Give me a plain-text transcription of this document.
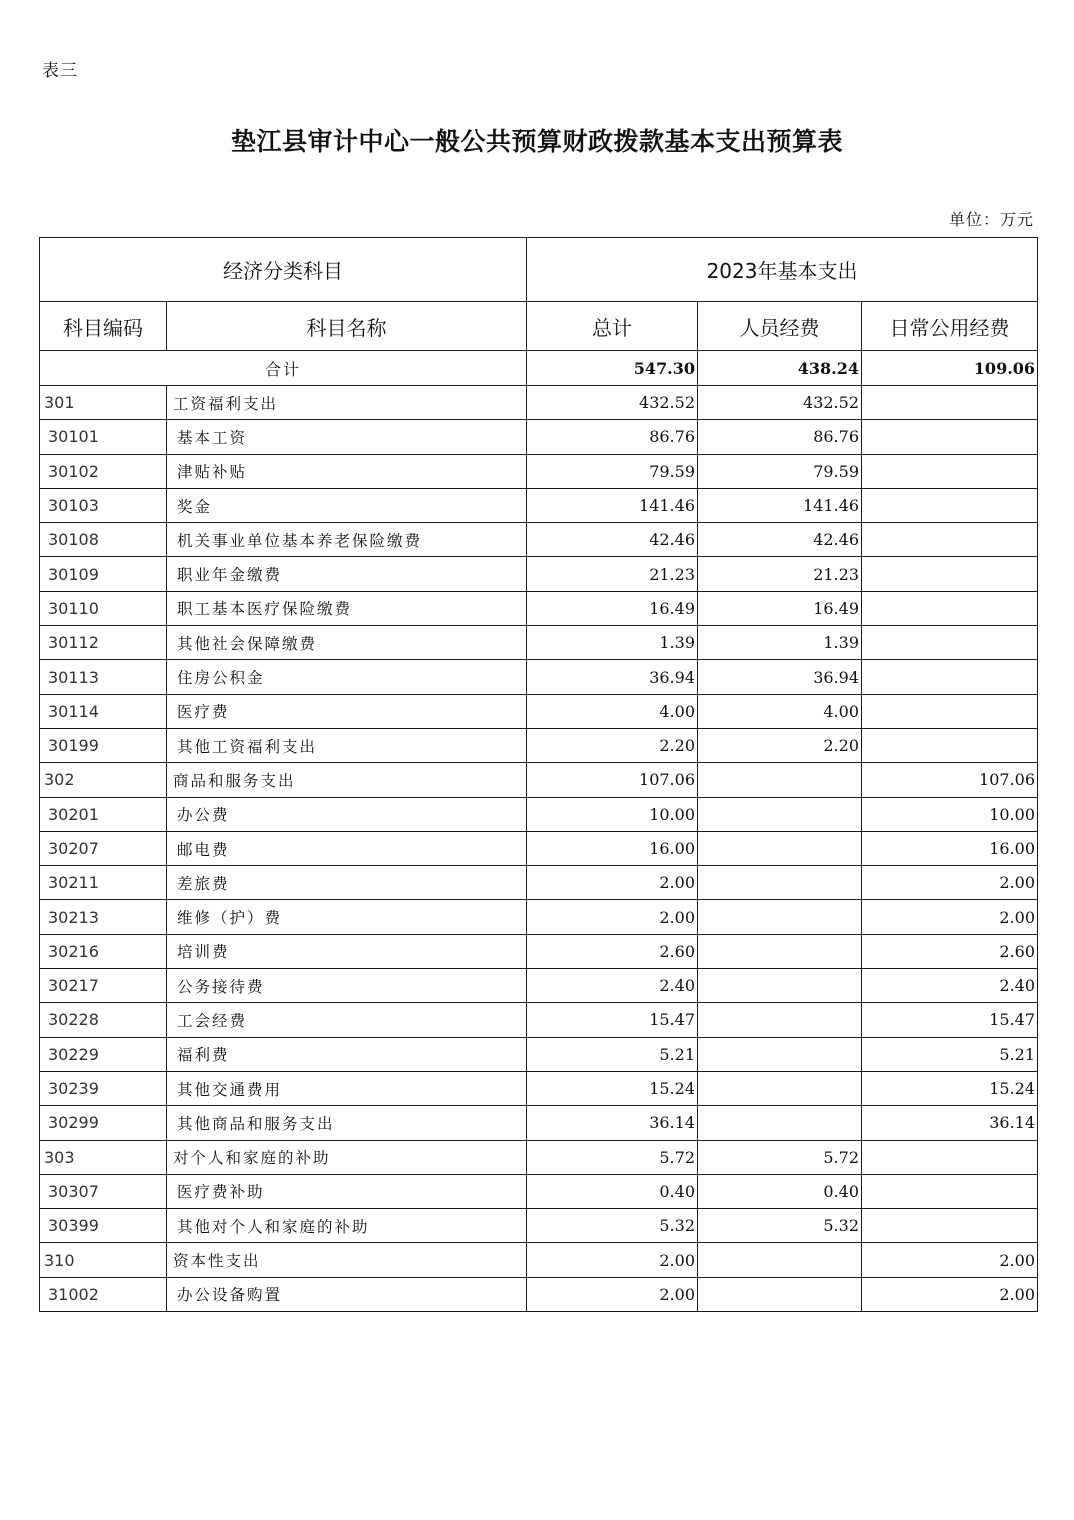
表三
垫江县审计中心一般公共预算财政拨款基本支出预算表
单位：万元
经济分类科目		2023年基本支出		
科目编码	科目名称	总计	人员经费	日常公用经费
合计		547.30	438.24	109.06
301	工资福利支出	432.52	432.52	
30101	基本工资	86.76	86.76	
30102	津贴补贴	79.59	79.59	
30103	奖金	141.46	141.46	
30108	机关事业单位基本养老保险缴费	42.46	42.46	
30109	职业年金缴费	21.23	21.23	
30110	职工基本医疗保险缴费	16.49	16.49	
30112	其他社会保障缴费	1.39	1.39	
30113	住房公积金	36.94	36.94	
30114	医疗费	4.00	4.00	
30199	其他工资福利支出	2.20	2.20	
302	商品和服务支出	107.06		107.06
30201	办公费	10.00		10.00
30207	邮电费	16.00		16.00
30211	差旅费	2.00		2.00
30213	维修（护）费	2.00		2.00
30216	培训费	2.60		2.60
30217	公务接待费	2.40		2.40
30228	工会经费	15.47		15.47
30229	福利费	5.21		5.21
30239	其他交通费用	15.24		15.24
30299	其他商品和服务支出	36.14		36.14
303	对个人和家庭的补助	5.72	5.72	
30307	医疗费补助	0.40	0.40	
30399	其他对个人和家庭的补助	5.32	5.32	
310	资本性支出	2.00		2.00
31002	办公设备购置	2.00		2.00
